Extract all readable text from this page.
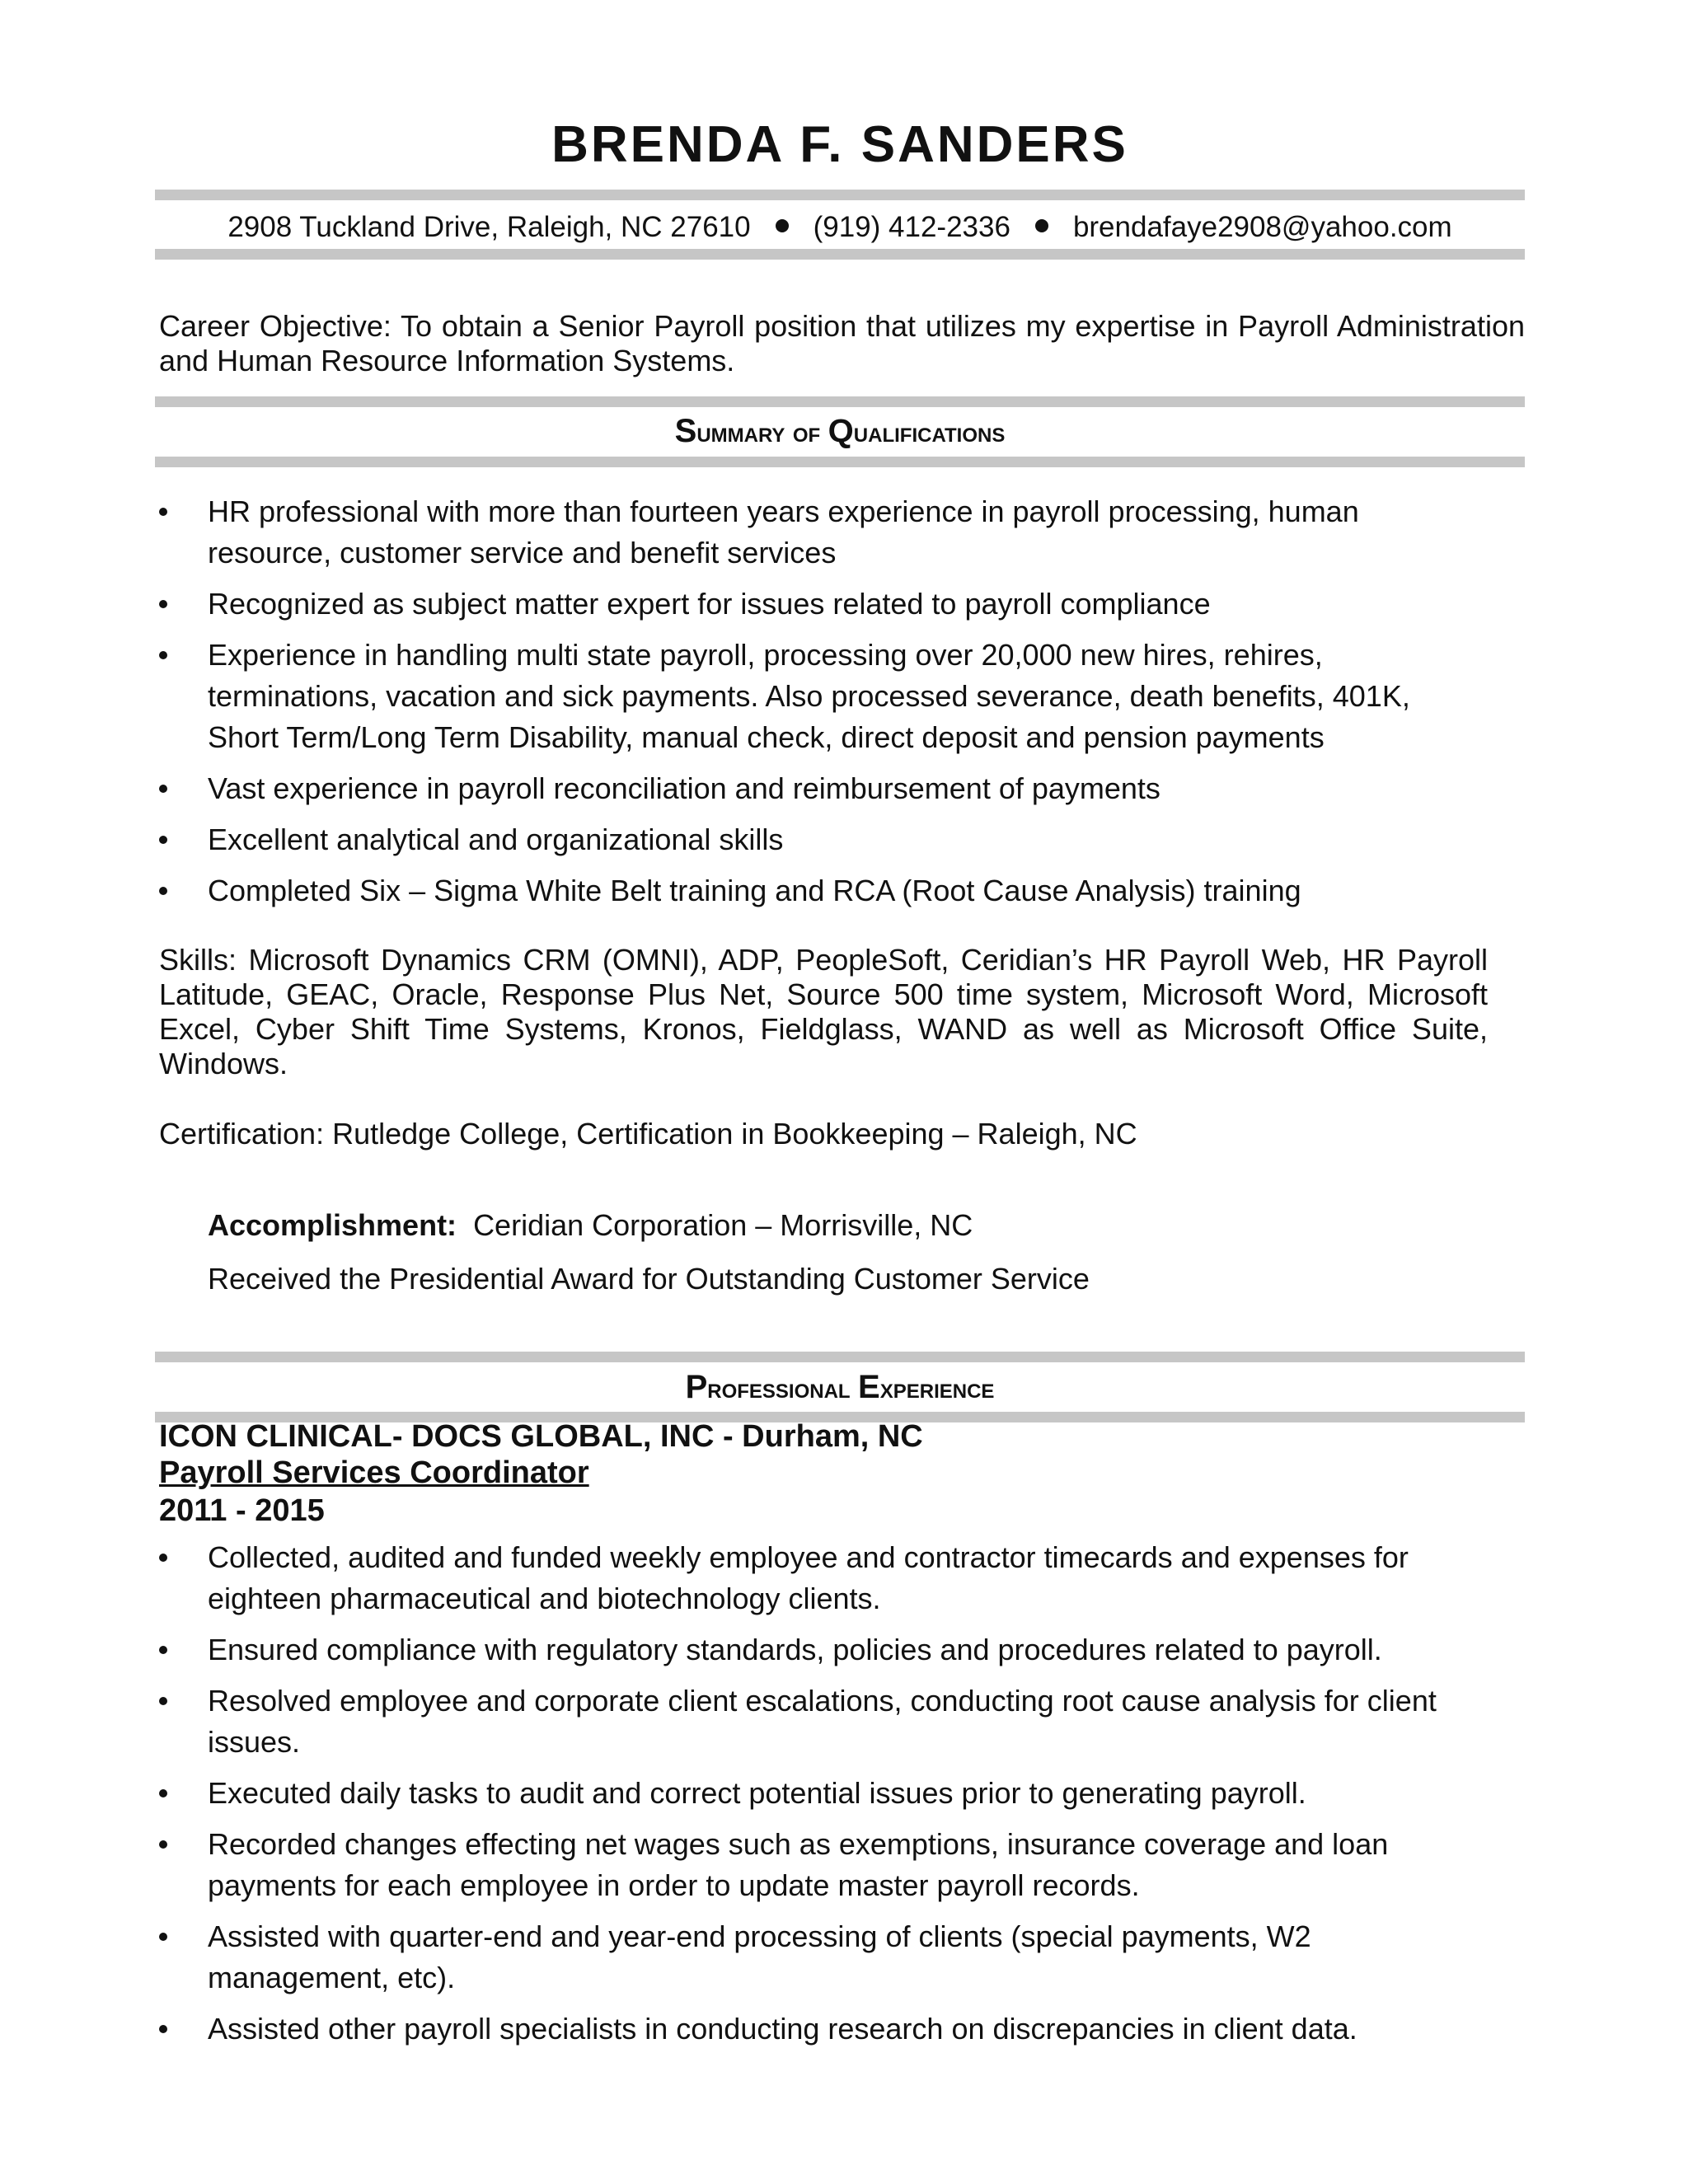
BRENDA F. SANDERS
2908 Tuckland Drive, Raleigh, NC 27610 (919) 412-2336 brendafaye2908@yahoo.com
Career Objective: To obtain a Senior Payroll position that utilizes my expertise in Payroll Administration and Human Resource Information Systems.
Summary of Qualifications
HR professional with more than fourteen years experience in payroll processing, human resource, customer service and benefit services
Recognized as subject matter expert for issues related to payroll compliance
Experience in handling multi state payroll, processing over 20,000 new hires, rehires, terminations, vacation and sick payments. Also processed severance, death benefits, 401K, Short Term/Long Term Disability, manual check, direct deposit and pension payments
Vast experience in payroll reconciliation and reimbursement of payments
Excellent analytical and organizational skills
Completed Six – Sigma White Belt training and RCA (Root Cause Analysis) training
Skills: Microsoft Dynamics CRM (OMNI), ADP, PeopleSoft, Ceridian’s HR Payroll Web, HR Payroll Latitude, GEAC, Oracle, Response Plus Net, Source 500 time system, Microsoft Word, Microsoft Excel, Cyber Shift Time Systems, Kronos, Fieldglass, WAND as well as Microsoft Office Suite, Windows.
Certification: Rutledge College, Certification in Bookkeeping – Raleigh, NC
Accomplishment: Ceridian Corporation – Morrisville, NC
Received the Presidential Award for Outstanding Customer Service
Professional Experience
ICON CLINICAL- DOCS GLOBAL, INC - Durham, NC
Payroll Services Coordinator
2011 - 2015
Collected, audited and funded weekly employee and contractor timecards and expenses for eighteen pharmaceutical and biotechnology clients.
Ensured compliance with regulatory standards, policies and procedures related to payroll.
Resolved employee and corporate client escalations, conducting root cause analysis for client issues.
Executed daily tasks to audit and correct potential issues prior to generating payroll.
Recorded changes effecting net wages such as exemptions, insurance coverage and loan payments for each employee in order to update master payroll records.
Assisted with quarter-end and year-end processing of clients (special payments, W2 management, etc).
Assisted other payroll specialists in conducting research on discrepancies in client data.
